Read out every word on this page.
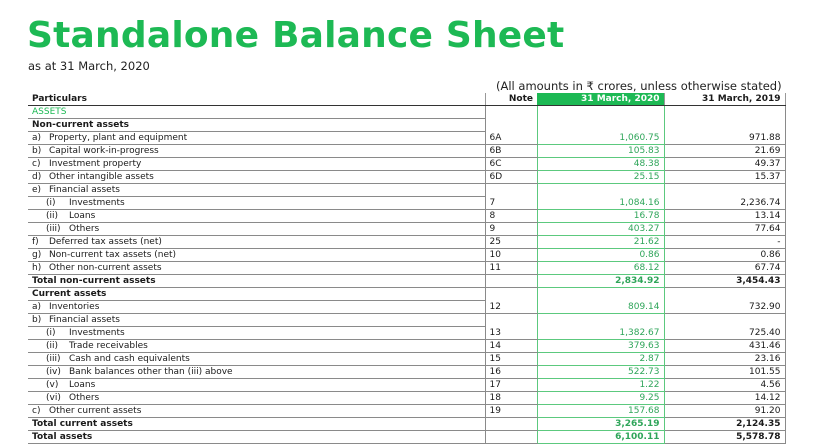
Standalone Balance Sheet
as at 31 March, 2020
(All amounts in ₹ crores, unless otherwise stated)
Particulars	Note	31 March, 2020	31 March, 2019
ASSETS			
Non-current assets			
a) Property, plant and equipment	6A	1,060.75	971.88
b) Capital work-in-progress	6B	105.83	21.69
c) Investment property	6C	48.38	49.37
d) Other intangible assets	6D	25.15	15.37
e) Financial assets			
(i) Investments	7	1,084.16	2,236.74
(ii) Loans	8	16.78	13.14
(iii) Others	9	403.27	77.64
f) Deferred tax assets (net)	25	21.62	-
g) Non-current tax assets (net)	10	0.86	0.86
h) Other non-current assets	11	68.12	67.74
Total non-current assets		2,834.92	3,454.43
Current assets			
a) Inventories	12	809.14	732.90
b) Financial assets			
(i) Investments	13	1,382.67	725.40
(ii) Trade receivables	14	379.63	431.46
(iii) Cash and cash equivalents	15	2.87	23.16
(iv) Bank balances other than (iii) above	16	522.73	101.55
(v) Loans	17	1.22	4.56
(vi) Others	18	9.25	14.12
c) Other current assets	19	157.68	91.20
Total current assets		3,265.19	2,124.35
Total assets		6,100.11	5,578.78
